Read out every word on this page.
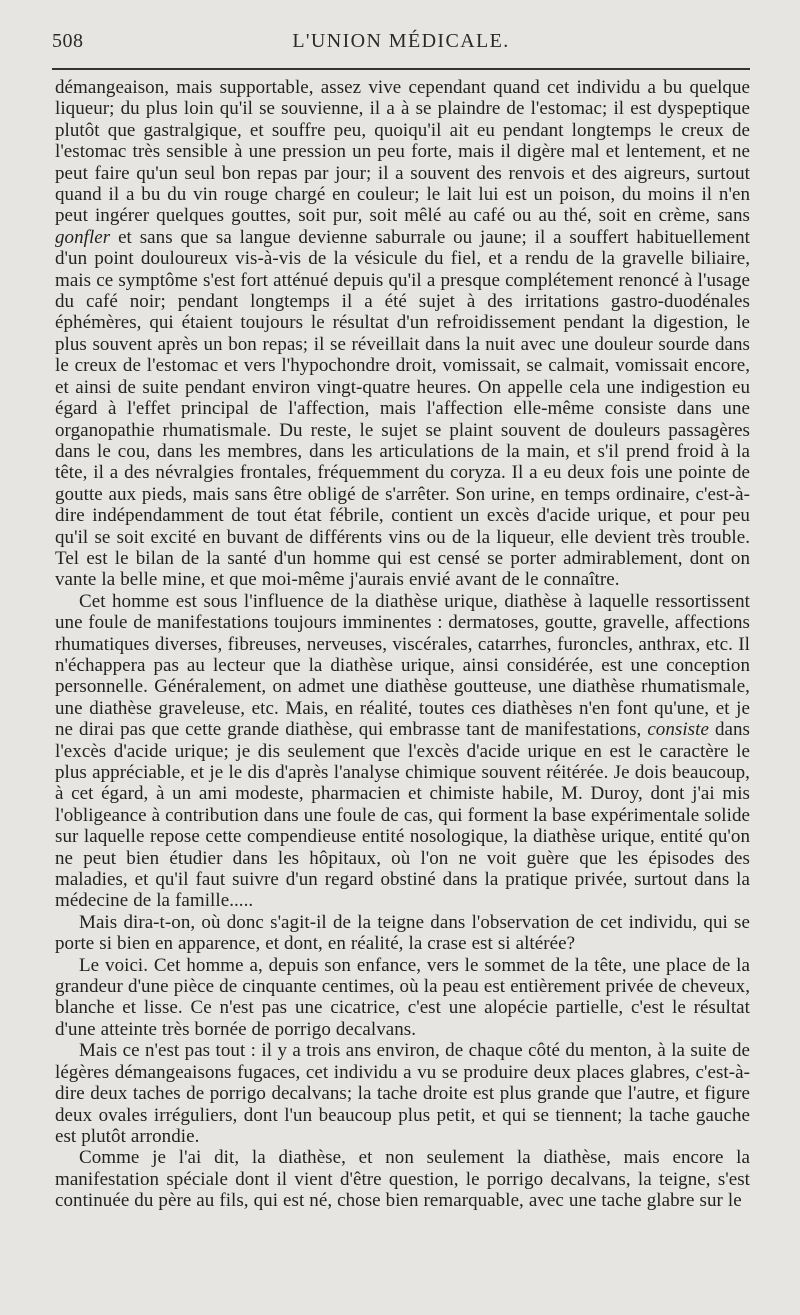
508	L'UNION MÉDICALE.

démangeaison, mais supportable, assez vive cependant quand cet individu a bu quelque liqueur; du plus loin qu'il se souvienne, il a à se plaindre de l'estomac; il est dyspeptique plutôt que gastralgique, et souffre peu, quoiqu'il ait eu pendant longtemps le creux de l'estomac très sensible à une pression un peu forte, mais il digère mal et lentement, et ne peut faire qu'un seul bon repas par jour; il a souvent des renvois et des aigreurs, surtout quand il a bu du vin rouge chargé en couleur; le lait lui est un poison, du moins il n'en peut ingérer quelques gouttes, soit pur, soit mêlé au café ou au thé, soit en crème, sans gonfler et sans que sa langue devienne saburrale ou jaune; il a souffert habituellement d'un point douloureux vis-à-vis de la vésicule du fiel, et a rendu de la gravelle biliaire, mais ce symptôme s'est fort atténué depuis qu'il a presque complétement renoncé à l'usage du café noir; pendant longtemps il a été sujet à des irritations gastro-duodénales éphémères, qui étaient toujours le résultat d'un refroidissement pendant la digestion, le plus souvent après un bon repas; il se réveillait dans la nuit avec une douleur sourde dans le creux de l'estomac et vers l'hypochondre droit, vomissait, se calmait, vomissait encore, et ainsi de suite pendant environ vingt-quatre heures. On appelle cela une indigestion eu égard à l'effet principal de l'affection, mais l'affection elle-même consiste dans une organopathie rhumatismale. Du reste, le sujet se plaint souvent de douleurs passagères dans le cou, dans les membres, dans les articulations de la main, et s'il prend froid à la tête, il a des névralgies frontales, fréquemment du coryza. Il a eu deux fois une pointe de goutte aux pieds, mais sans être obligé de s'arrêter. Son urine, en temps ordinaire, c'est-à-dire indépendamment de tout état fébrile, contient un excès d'acide urique, et pour peu qu'il se soit excité en buvant de différents vins ou de la liqueur, elle devient très trouble. Tel est le bilan de la santé d'un homme qui est censé se porter admirablement, dont on vante la belle mine, et que moi-même j'aurais envié avant de le connaître.

Cet homme est sous l'influence de la diathèse urique, diathèse à laquelle ressortissent une foule de manifestations toujours imminentes : dermatoses, goutte, gravelle, affections rhumatiques diverses, fibreuses, nerveuses, viscérales, catarrhes, furoncles, anthrax, etc. Il n'échappera pas au lecteur que la diathèse urique, ainsi considérée, est une conception personnelle. Généralement, on admet une diathèse goutteuse, une diathèse rhumatismale, une diathèse graveleuse, etc. Mais, en réalité, toutes ces diathèses n'en font qu'une, et je ne dirai pas que cette grande diathèse, qui embrasse tant de manifestations, consiste dans l'excès d'acide urique; je dis seulement que l'excès d'acide urique en est le caractère le plus appréciable, et je le dis d'après l'analyse chimique souvent réitérée. Je dois beaucoup, à cet égard, à un ami modeste, pharmacien et chimiste habile, M. Duroy, dont j'ai mis l'obligeance à contribution dans une foule de cas, qui forment la base expérimentale solide sur laquelle repose cette compendieuse entité nosologique, la diathèse urique, entité qu'on ne peut bien étudier dans les hôpitaux, où l'on ne voit guère que les épisodes des maladies, et qu'il faut suivre d'un regard obstiné dans la pratique privée, surtout dans la médecine de la famille.....

Mais dira-t-on, où donc s'agit-il de la teigne dans l'observation de cet individu, qui se porte si bien en apparence, et dont, en réalité, la crase est si altérée?

Le voici. Cet homme a, depuis son enfance, vers le sommet de la tête, une place de la grandeur d'une pièce de cinquante centimes, où la peau est entièrement privée de cheveux, blanche et lisse. Ce n'est pas une cicatrice, c'est une alopécie partielle, c'est le résultat d'une atteinte très bornée de porrigo decalvans.

Mais ce n'est pas tout : il y a trois ans environ, de chaque côté du menton, à la suite de légères démangeaisons fugaces, cet individu a vu se produire deux places glabres, c'est-à-dire deux taches de porrigo decalvans; la tache droite est plus grande que l'autre, et figure deux ovales irréguliers, dont l'un beaucoup plus petit, et qui se tiennent; la tache gauche est plutôt arrondie.

Comme je l'ai dit, la diathèse, et non seulement la diathèse, mais encore la manifestation spéciale dont il vient d'être question, le porrigo decalvans, la teigne, s'est continuée du père au fils, qui est né, chose bien remarquable, avec une tache glabre sur le
